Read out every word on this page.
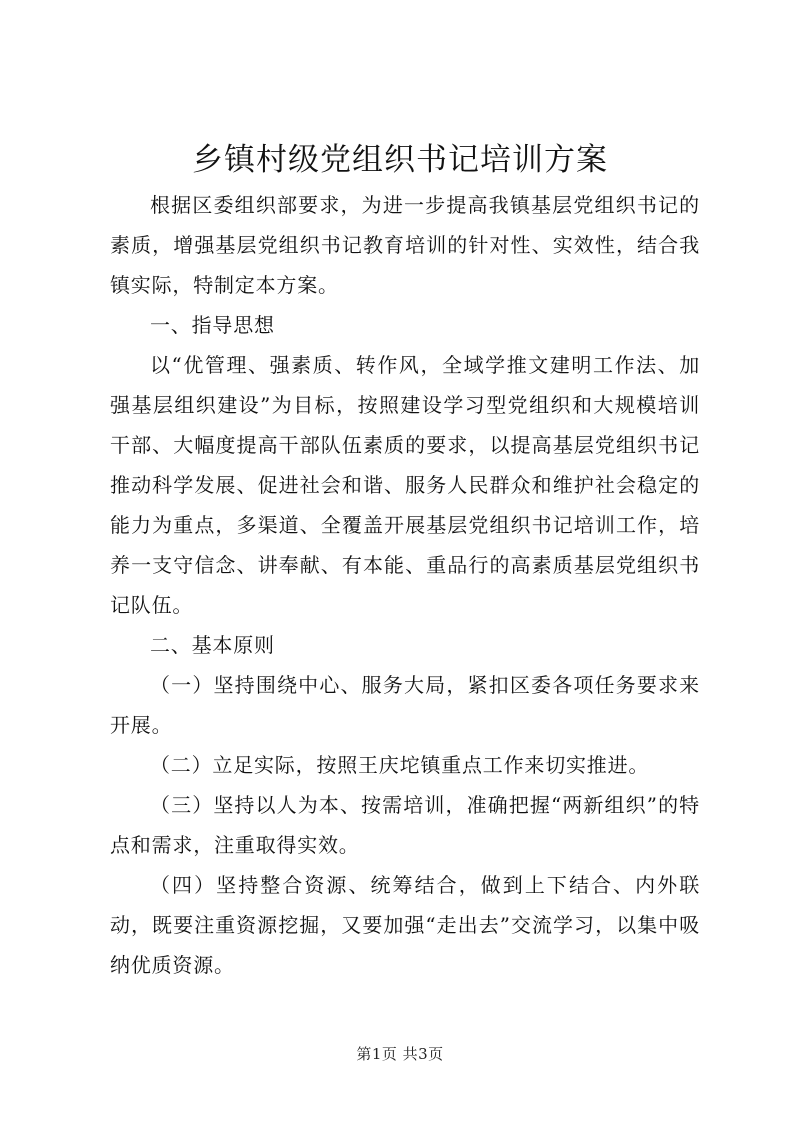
乡镇村级党组织书记培训方案

根据区委组织部要求，为进一步提高我镇基层党组织书记的素质，增强基层党组织书记教育培训的针对性、实效性，结合我镇实际，特制定本方案。

一、指导思想

以“优管理、强素质、转作风，全域学推文建明工作法、加强基层组织建设”为目标，按照建设学习型党组织和大规模培训干部、大幅度提高干部队伍素质的要求，以提高基层党组织书记推动科学发展、促进社会和谐、服务人民群众和维护社会稳定的能力为重点，多渠道、全覆盖开展基层党组织书记培训工作，培养一支守信念、讲奉献、有本能、重品行的高素质基层党组织书记队伍。

二、基本原则

（一）坚持围绕中心、服务大局，紧扣区委各项任务要求来开展。

（二）立足实际，按照王庆坨镇重点工作来切实推进。

（三）坚持以人为本、按需培训，准确把握“两新组织”的特点和需求，注重取得实效。

（四）坚持整合资源、统筹结合，做到上下结合、内外联动，既要注重资源挖掘，又要加强“走出去”交流学习，以集中吸纳优质资源。

第1页 共3页
